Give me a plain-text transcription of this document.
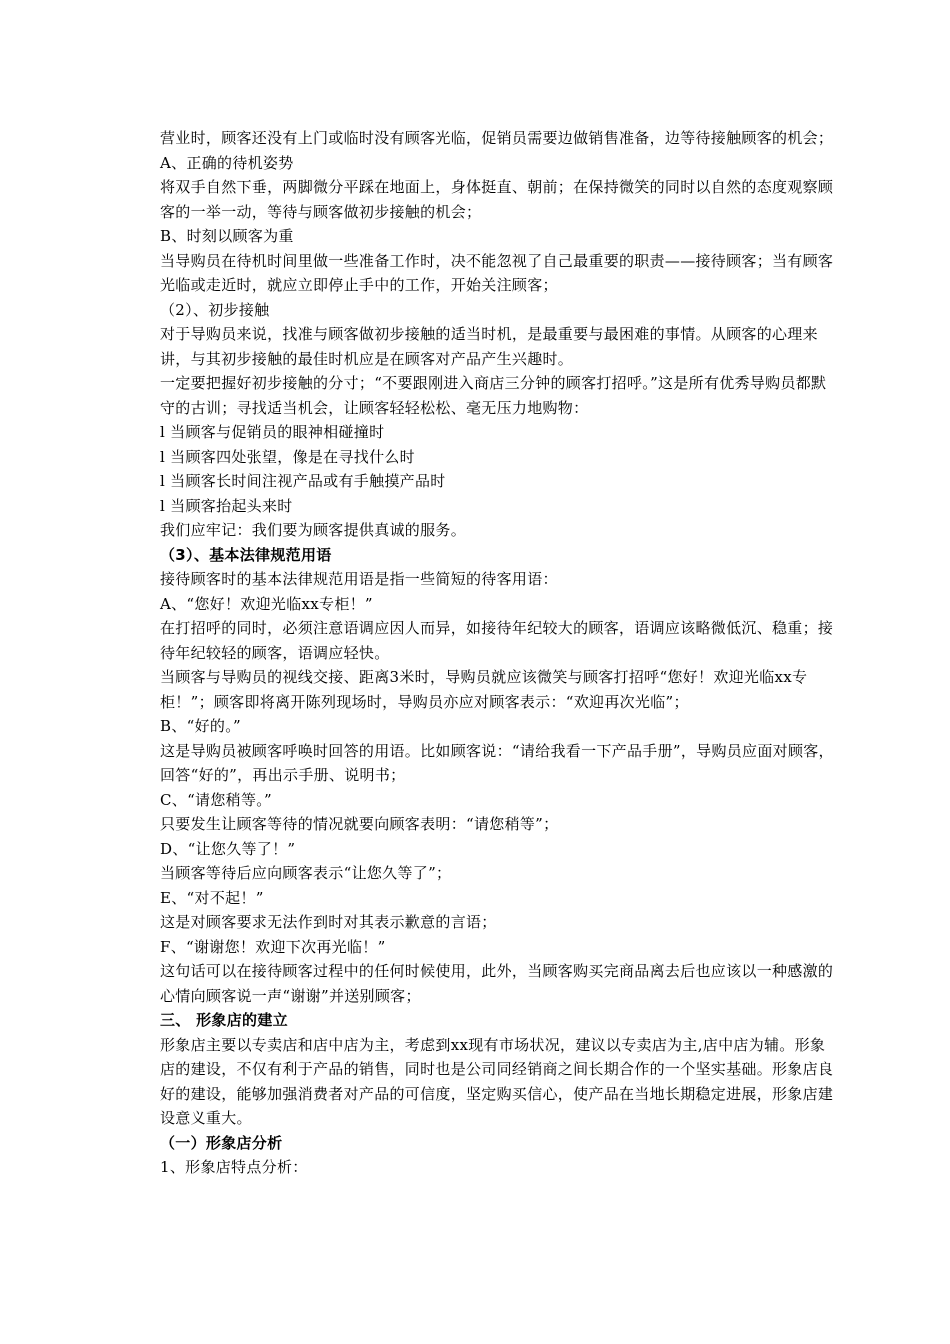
营业时，顾客还没有上门或临时没有顾客光临，促销员需要边做销售准备，边等待接触顾客的机会；

A、正确的待机姿势

将双手自然下垂，两脚微分平踩在地面上，身体挺直、朝前；在保持微笑的同时以自然的态度观察顾客的一举一动，等待与顾客做初步接触的机会；

B、时刻以顾客为重

当导购员在待机时间里做一些准备工作时，决不能忽视了自己最重要的职责——接待顾客；当有顾客光临或走近时，就应立即停止手中的工作，开始关注顾客；

（2）、初步接触

对于导购员来说，找准与顾客做初步接触的适当时机，是最重要与最困难的事情。从顾客的心理来讲，与其初步接触的最佳时机应是在顾客对产品产生兴趣时。

一定要把握好初步接触的分寸；“不要跟刚进入商店三分钟的顾客打招呼。”这是所有优秀导购员都默守的古训；寻找适当机会，让顾客轻轻松松、毫无压力地购物：

l 当顾客与促销员的眼神相碰撞时

l 当顾客四处张望，像是在寻找什么时

l 当顾客长时间注视产品或有手触摸产品时

l 当顾客抬起头来时

我们应牢记：我们要为顾客提供真诚的服务。

（3）、基本法律规范用语

接待顾客时的基本法律规范用语是指一些简短的待客用语：

A、“您好！欢迎光临xx专柜！”

在打招呼的同时，必须注意语调应因人而异，如接待年纪较大的顾客，语调应该略微低沉、稳重；接待年纪较轻的顾客，语调应轻快。

当顾客与导购员的视线交接、距离3米时，导购员就应该微笑与顾客打招呼“您好！欢迎光临xx专柜！”；顾客即将离开陈列现场时，导购员亦应对顾客表示：“欢迎再次光临”；

B、“好的。”

这是导购员被顾客呼唤时回答的用语。比如顾客说：“请给我看一下产品手册”，导购员应面对顾客，回答“好的”，再出示手册、说明书；

C、“请您稍等。”

只要发生让顾客等待的情况就要向顾客表明：“请您稍等”；

D、“让您久等了！”

当顾客等待后应向顾客表示“让您久等了”；

E、“对不起！”

这是对顾客要求无法作到时对其表示歉意的言语；

F、“谢谢您！欢迎下次再光临！”

这句话可以在接待顾客过程中的任何时候使用，此外，当顾客购买完商品离去后也应该以一种感激的心情向顾客说一声“谢谢”并送别顾客；

三、 形象店的建立

形象店主要以专卖店和店中店为主，考虑到xx现有市场状况，建议以专卖店为主,店中店为辅。形象店的建设，不仅有利于产品的销售，同时也是公司同经销商之间长期合作的一个坚实基础。形象店良好的建设，能够加强消费者对产品的可信度，坚定购买信心，使产品在当地长期稳定进展，形象店建设意义重大。

（一）形象店分析

1、形象店特点分析：
